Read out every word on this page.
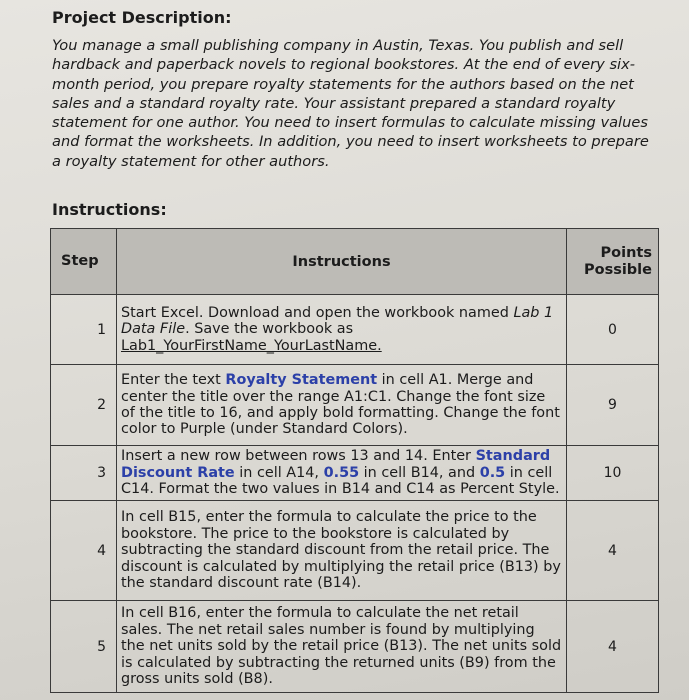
Project Description:
You manage a small publishing company in Austin, Texas. You publish and sell hardback and paperback novels to regional bookstores. At the end of every six-month period, you prepare royalty statements for the authors based on the net sales and a standard royalty rate. Your assistant prepared a standard royalty statement for one author. You need to insert formulas to calculate missing values and format the worksheets. In addition, you need to insert worksheets to prepare a royalty statement for other authors.
Instructions:
Step	Instructions	Points Possible
1	Start Excel. Download and open the workbook named Lab 1 Data File. Save the workbook as Lab1_YourFirstName_YourLastName.	0
2	Enter the text Royalty Statement in cell A1. Merge and center the title over the range A1:C1. Change the font size of the title to 16, and apply bold formatting. Change the font color to Purple (under Standard Colors).	9
3	Insert a new row between rows 13 and 14. Enter Standard Discount Rate in cell A14, 0.55 in cell B14, and 0.5 in cell C14. Format the two values in B14 and C14 as Percent Style.	10
4	In cell B15, enter the formula to calculate the price to the bookstore. The price to the bookstore is calculated by subtracting the standard discount from the retail price. The discount is calculated by multiplying the retail price (B13) by the standard discount rate (B14).	4
5	In cell B16, enter the formula to calculate the net retail sales. The net retail sales number is found by multiplying the net units sold by the retail price (B13). The net units sold is calculated by subtracting the returned units (B9) from the gross units sold (B8).	4
